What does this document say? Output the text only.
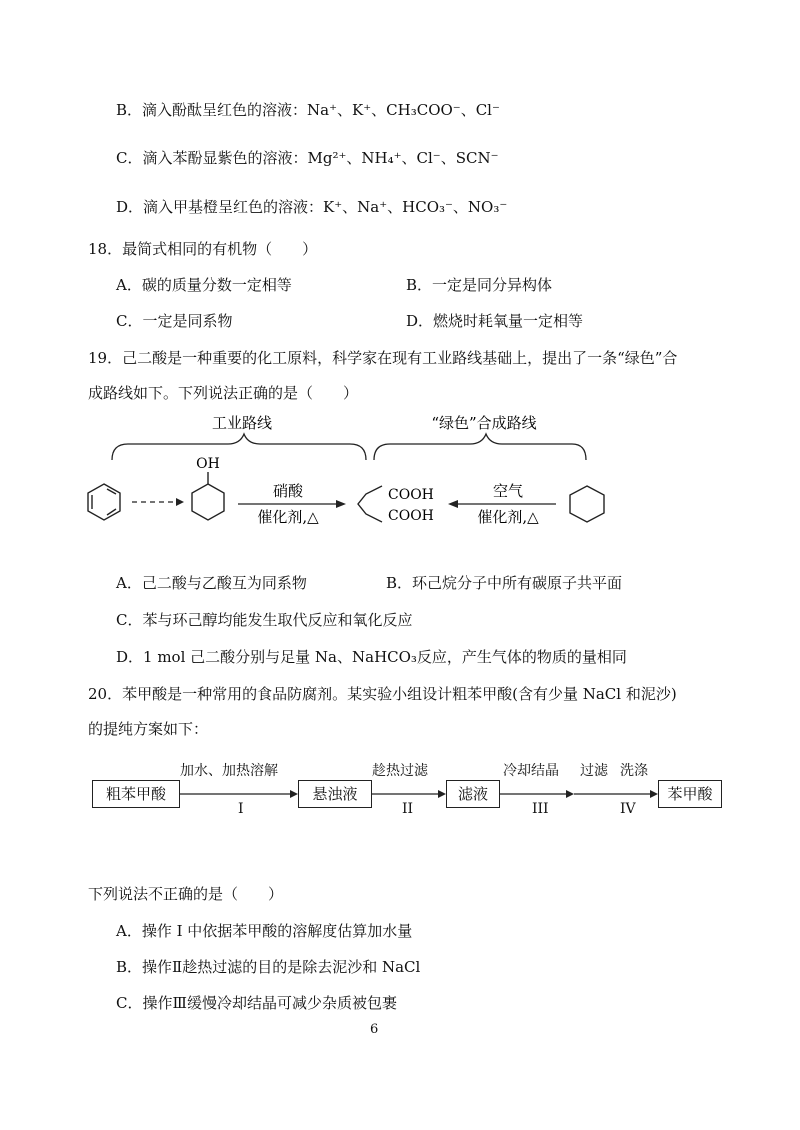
B．滴入酚酞呈红色的溶液：Na⁺、K⁺、CH₃COO⁻、Cl⁻
C．滴入苯酚显紫色的溶液：Mg²⁺、NH₄⁺、Cl⁻、SCN⁻
D．滴入甲基橙呈红色的溶液：K⁺、Na⁺、HCO₃⁻、NO₃⁻
18．最简式相同的有机物（　　）
A．碳的质量分数一定相等	B．一定是同分异构体
C．一定是同系物	D．燃烧时耗氧量一定相等
19．己二酸是一种重要的化工原料，科学家在现有工业路线基础上，提出了一条“绿色”合
成路线如下。下列说法正确的是（　　）
工业路线	“绿色”合成路线
OH
硝酸
催化剂,△
COOH
COOH
空气
催化剂,△
A．己二酸与乙酸互为同系物	B．环己烷分子中所有碳原子共平面
C．苯与环己醇均能发生取代反应和氧化反应
D．1 mol 己二酸分别与足量 Na、NaHCO₃反应，产生气体的物质的量相同
20．苯甲酸是一种常用的食品防腐剂。某实验小组设计粗苯甲酸(含有少量 NaCl 和泥沙)
的提纯方案如下：
粗苯甲酸	悬浊液	滤液	苯甲酸
加水、加热溶解
I
趁热过滤
II
冷却结晶
III
过滤 洗涤
IV
下列说法不正确的是（　　）
A．操作 I 中依据苯甲酸的溶解度估算加水量
B．操作Ⅱ趁热过滤的目的是除去泥沙和 NaCl
C．操作Ⅲ缓慢冷却结晶可减少杂质被包裹
6
